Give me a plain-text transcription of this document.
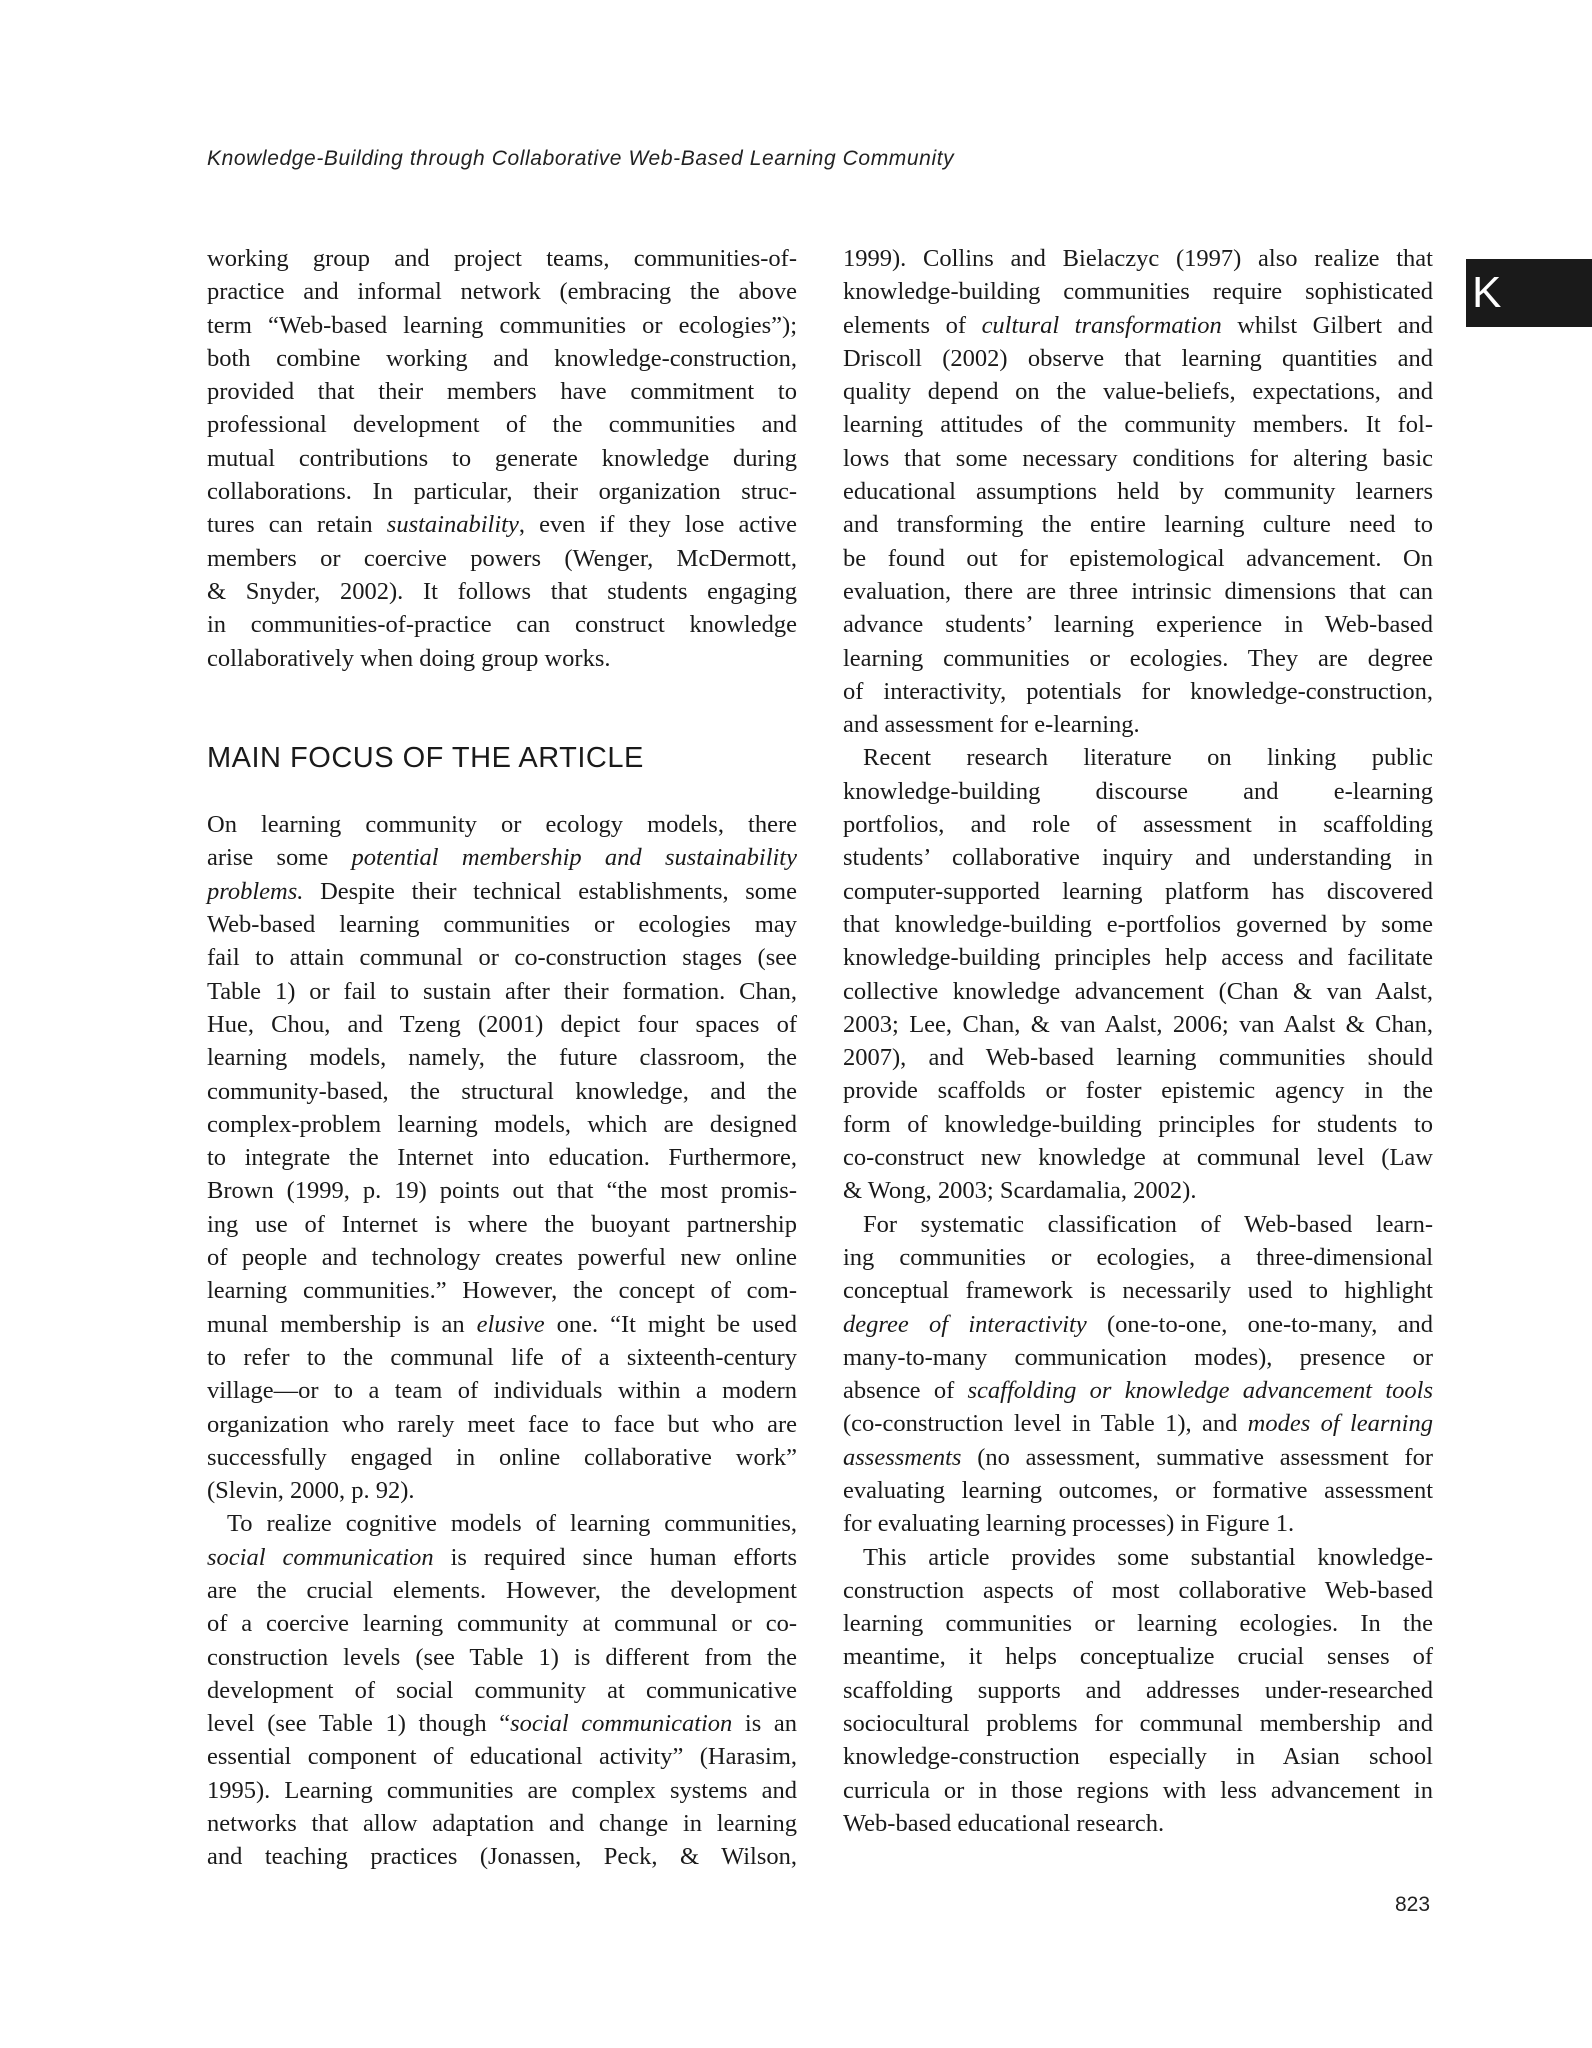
Knowledge-Building through Collaborative Web-Based Learning Community
K
working group and project teams, communities-of-
practice and informal network (embracing the above
term “Web-based learning communities or ecologies”);
both combine working and knowledge-construction,
provided that their members have commitment to
professional development of the communities and
mutual contributions to generate knowledge during
collaborations. In particular, their organization struc-
tures can retain sustainability, even if they lose active
members or coercive powers (Wenger, McDermott,
& Snyder, 2002). It follows that students engaging
in communities-of-practice can construct knowledge
collaboratively when doing group works.
MAIN FOCUS OF THE ARTICLE
On learning community or ecology models, there
arise some potential membership and sustainability
problems. Despite their technical establishments, some
Web-based learning communities or ecologies may
fail to attain communal or co-construction stages (see
Table 1) or fail to sustain after their formation. Chan,
Hue, Chou, and Tzeng (2001) depict four spaces of
learning models, namely, the future classroom, the
community-based, the structural knowledge, and the
complex-problem learning models, which are designed
to integrate the Internet into education. Furthermore,
Brown (1999, p. 19) points out that “the most promis-
ing use of Internet is where the buoyant partnership
of people and technology creates powerful new online
learning communities.” However, the concept of com-
munal membership is an elusive one. “It might be used
to refer to the communal life of a sixteenth-century
village—or to a team of individuals within a modern
organization who rarely meet face to face but who are
successfully engaged in online collaborative work”
(Slevin, 2000, p. 92).
To realize cognitive models of learning communities,
social communication is required since human efforts
are the crucial elements. However, the development
of a coercive learning community at communal or co-
construction levels (see Table 1) is different from the
development of social community at communicative
level (see Table 1) though “social communication is an
essential component of educational activity” (Harasim,
1995). Learning communities are complex systems and
networks that allow adaptation and change in learning
and teaching practices (Jonassen, Peck, & Wilson,
1999). Collins and Bielaczyc (1997) also realize that
knowledge-building communities require sophisticated
elements of cultural transformation whilst Gilbert and
Driscoll (2002) observe that learning quantities and
quality depend on the value-beliefs, expectations, and
learning attitudes of the community members. It fol-
lows that some necessary conditions for altering basic
educational assumptions held by community learners
and transforming the entire learning culture need to
be found out for epistemological advancement. On
evaluation, there are three intrinsic dimensions that can
advance students’ learning experience in Web-based
learning communities or ecologies. They are degree
of interactivity, potentials for knowledge-construction,
and assessment for e-learning.
Recent research literature on linking public
knowledge-building discourse and e-learning
portfolios, and role of assessment in scaffolding
students’ collaborative inquiry and understanding in
computer-supported learning platform has discovered
that knowledge-building e-portfolios governed by some
knowledge-building principles help access and facilitate
collective knowledge advancement (Chan & van Aalst,
2003; Lee, Chan, & van Aalst, 2006; van Aalst & Chan,
2007), and Web-based learning communities should
provide scaffolds or foster epistemic agency in the
form of knowledge-building principles for students to
co-construct new knowledge at communal level (Law
& Wong, 2003; Scardamalia, 2002).
For systematic classification of Web-based learn-
ing communities or ecologies, a three-dimensional
conceptual framework is necessarily used to highlight
degree of interactivity (one-to-one, one-to-many, and
many-to-many communication modes), presence or
absence of scaffolding or knowledge advancement tools
(co-construction level in Table 1), and modes of learning
assessments (no assessment, summative assessment for
evaluating learning outcomes, or formative assessment
for evaluating learning processes) in Figure 1.
This article provides some substantial knowledge-
construction aspects of most collaborative Web-based
learning communities or learning ecologies. In the
meantime, it helps conceptualize crucial senses of
scaffolding supports and addresses under-researched
sociocultural problems for communal membership and
knowledge-construction especially in Asian school
curricula or in those regions with less advancement in
Web-based educational research.
823
